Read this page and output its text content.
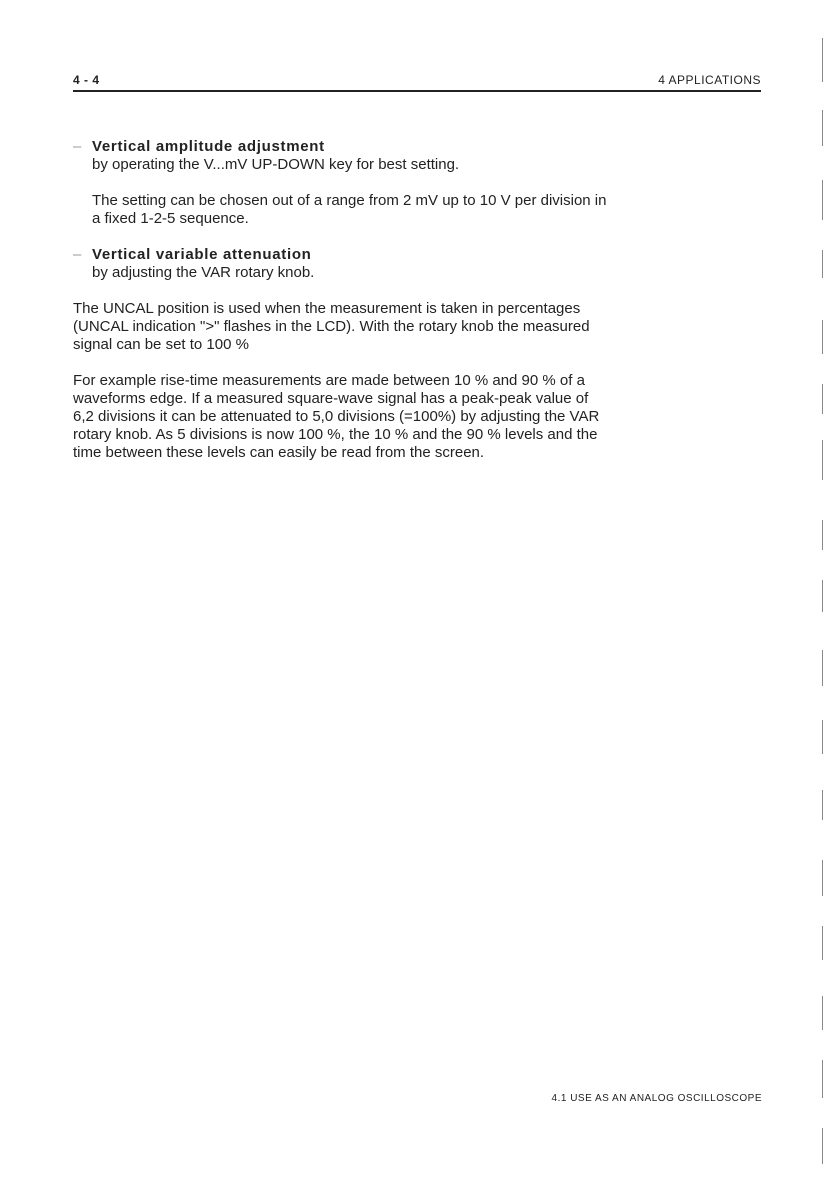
4 - 4	4 APPLICATIONS
– Vertical amplitude adjustment
by operating the V...mV UP-DOWN key for best setting.
The setting can be chosen out of a range from 2 mV up to 10 V per division in
a fixed 1-2-5 sequence.
– Vertical variable attenuation
by adjusting the VAR rotary knob.
The UNCAL position is used when the measurement is taken in percentages
(UNCAL indication ">" flashes in the LCD). With the rotary knob the measured
signal can be set to 100 %
For example rise-time measurements are made between 10 % and 90 % of a
waveforms edge. If a measured square-wave signal has a peak-peak value of
6,2 divisions it can be attenuated to 5,0 divisions (=100%) by adjusting the VAR
rotary knob. As 5 divisions is now 100 %, the 10 % and the 90 % levels and the
time between these levels can easily be read from the screen.
4.1 USE AS AN ANALOG OSCILLOSCOPE
